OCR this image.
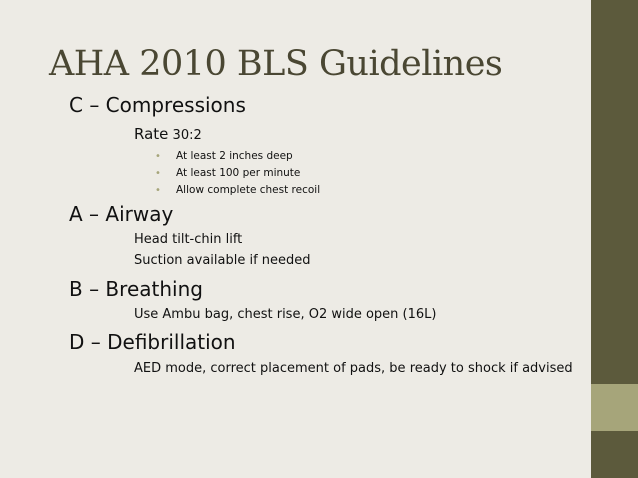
AHA 2010 BLS Guidelines
C – Compressions
Rate 30:2
• At least 2 inches deep
• At least 100 per minute
• Allow complete chest recoil
A – Airway
Head tilt-chin lift
Suction available if needed
B – Breathing
Use Ambu bag, chest rise, O2 wide open (16L)
D – Defibrillation
AED mode, correct placement of pads, be ready to shock if advised
